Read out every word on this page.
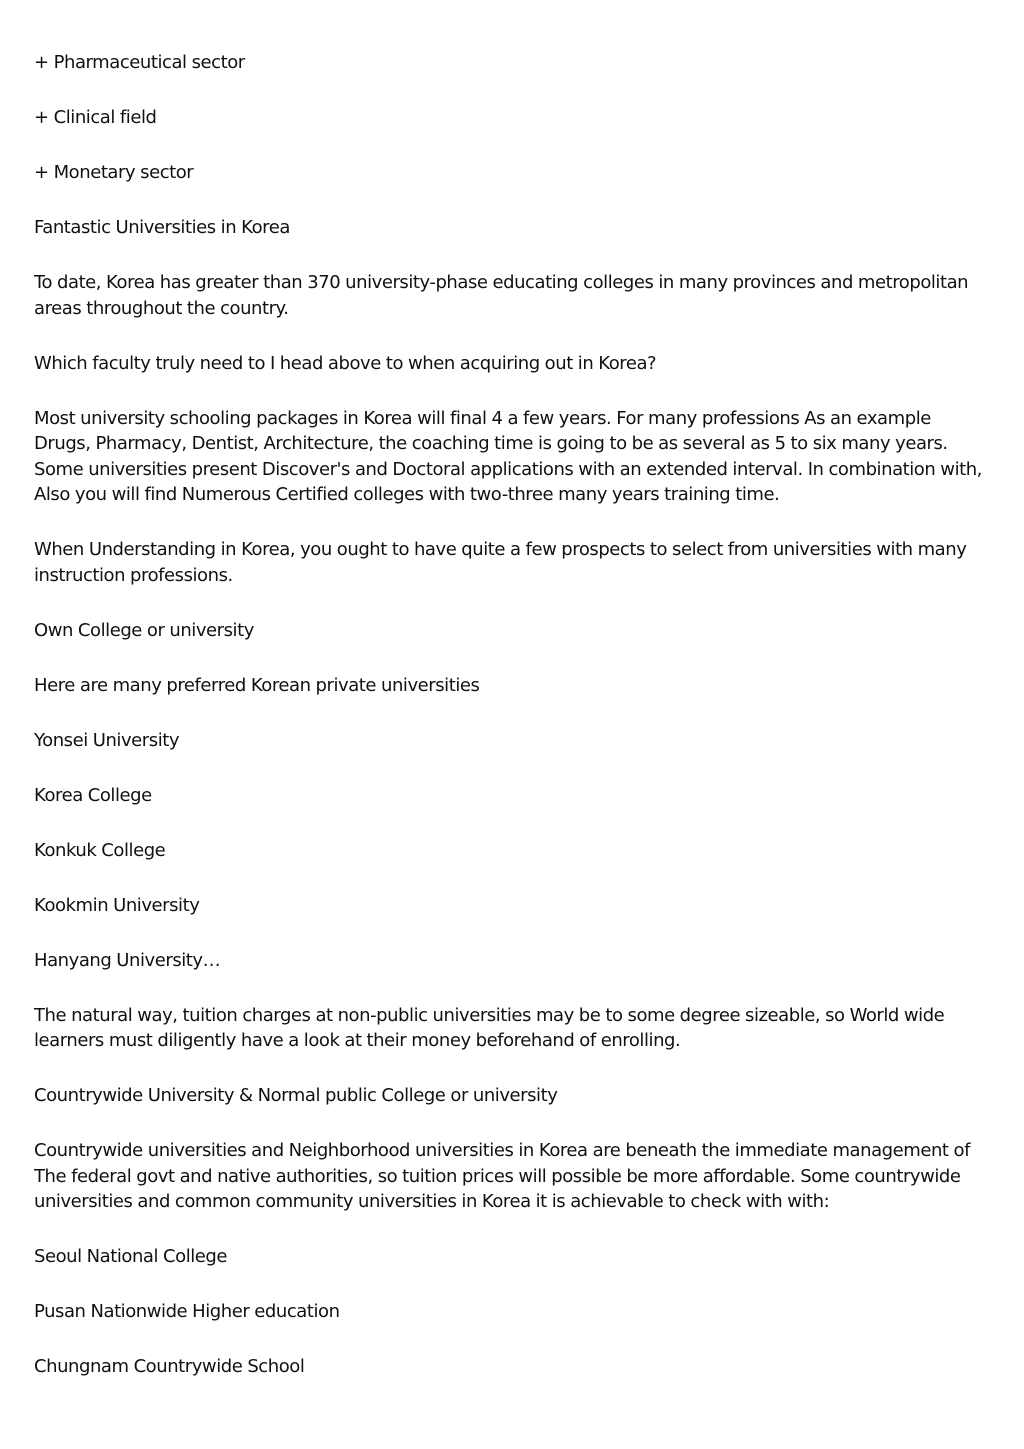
+ Pharmaceutical sector

+ Clinical field

+ Monetary sector

Fantastic Universities in Korea

To date, Korea has greater than 370 university-phase educating colleges in many provinces and metropolitan areas throughout the country.

Which faculty truly need to I head above to when acquiring out in Korea?

Most university schooling packages in Korea will final 4 a few years. For many professions As an example Drugs, Pharmacy, Dentist, Architecture, the coaching time is going to be as several as 5 to six many years. Some universities present Discover's and Doctoral applications with an extended interval. In combination with, Also you will find Numerous Certified colleges with two-three many years training time.

When Understanding in Korea, you ought to have quite a few prospects to select from universities with many instruction professions.

Own College or university

Here are many preferred Korean private universities

Yonsei University

Korea College

Konkuk College

Kookmin University

Hanyang University…

The natural way, tuition charges at non-public universities may be to some degree sizeable, so World wide learners must diligently have a look at their money beforehand of enrolling.

Countrywide University & Normal public College or university

Countrywide universities and Neighborhood universities in Korea are beneath the immediate management of The federal govt and native authorities, so tuition prices will possible be more affordable. Some countrywide universities and common community universities in Korea it is achievable to check with with:

Seoul National College

Pusan Nationwide Higher education

Chungnam Countrywide School
